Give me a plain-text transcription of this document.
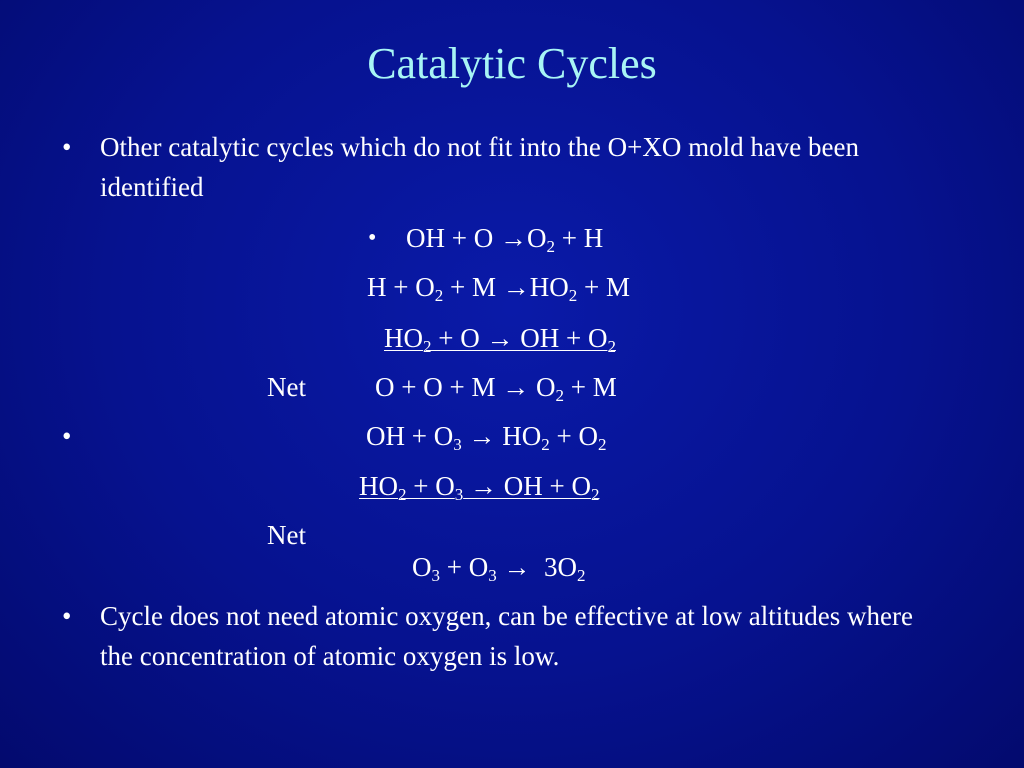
Catalytic Cycles
• Other catalytic cycles which do not fit into the O+XO mold have been identified
• OH + $O \to O_2 + H$
$H + O_2 + M \to HO_2 + M$
$HO_2 + O$ → OH + $O_2$
Net	$O + O + M \to O_2 + M$
•	OH + $O_3 \to HO_2 + O_2$
$HO_2 + O_3$ → OH + $O_2$
Net

$O_3 + O_3 \to 3O_2$

• Cycle does not need atomic oxygen, can be effective at low altitudes where the concentration of atomic oxygen is low.
